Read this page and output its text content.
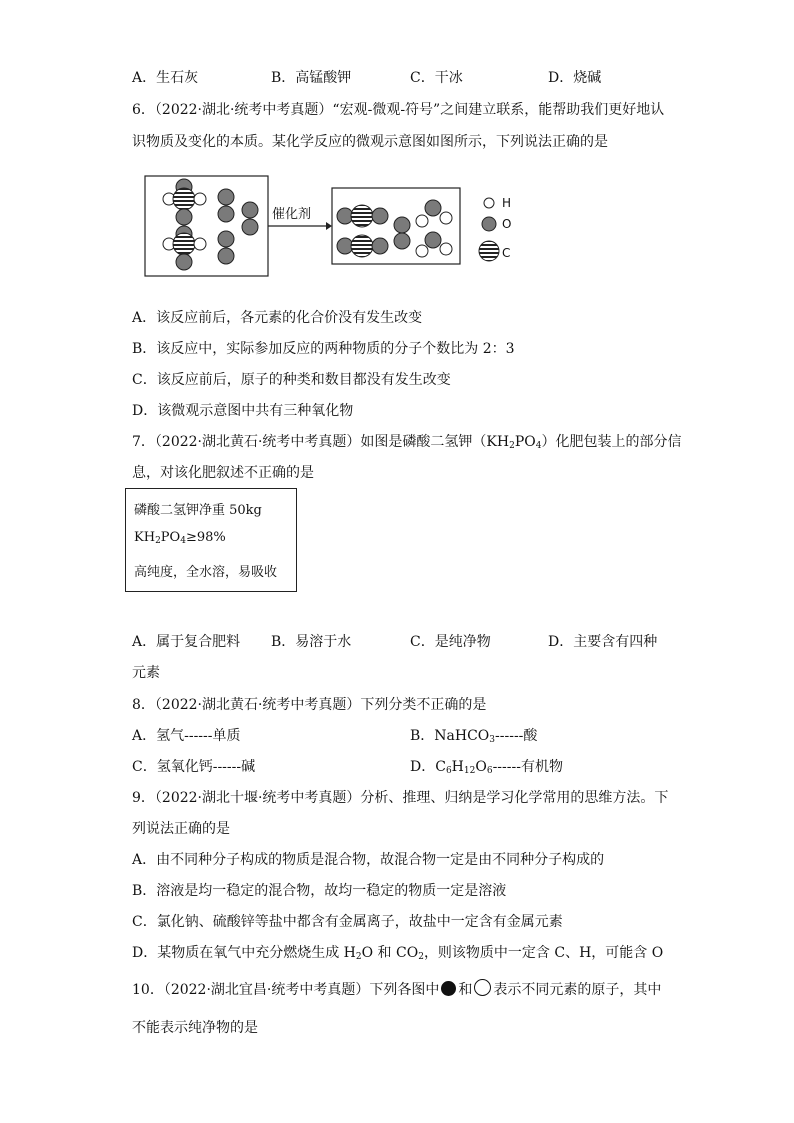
A．生石灰	B．高锰酸钾	C．干冰	D．烧碱
6．（2022·湖北·统考中考真题）“宏观-微观-符号”之间建立联系，能帮助我们更好地认
识物质及变化的本质。某化学反应的微观示意图如图所示，下列说法正确的是
催化剂
H
O
C
A．该反应前后，各元素的化合价没有发生改变
B．该反应中，实际参加反应的两种物质的分子个数比为 2：3
C．该反应前后，原子的种类和数目都没有发生改变
D．该微观示意图中共有三种氧化物
7．（2022·湖北黄石·统考中考真题）如图是磷酸二氢钾$(KH_2PO_4)$化肥包装上的部分信
息，对该化肥叙述不正确的是
磷酸二氢钾净重 50kg
$KH_2PO_4\ge 98\%$
高纯度，全水溶，易吸收
A．属于复合肥料 B．易溶于水	C．是纯净物	D．主要含有四种
元素
8．（2022·湖北黄石·统考中考真题）下列分类不正确的是
A．氢气------单质	B．NaHCO$_3$------酸
C．氢氧化钙------碱	D．$C_6H_{12}O_6------$有机物
9．（2022·湖北十堰·统考中考真题）分析、推理、归纳是学习化学常用的思维方法。下
列说法正确的是
A．由不同种分子构成的物质是混合物，故混合物一定是由不同种分子构成的
B．溶液是均一稳定的混合物，故均一稳定的物质一定是溶液
C．氯化钠、硫酸锌等盐中都含有金属离子，故盐中一定含有金属元素
D．某物质在氧气中充分燃烧生成 $H_2O$ 和 $CO_2$，则该物质中一定含 C、H，可能含 O
10．（2022·湖北宜昌·统考中考真题）下列各图中 和 表示不同元素的原子，其中
不能表示纯净物的是
